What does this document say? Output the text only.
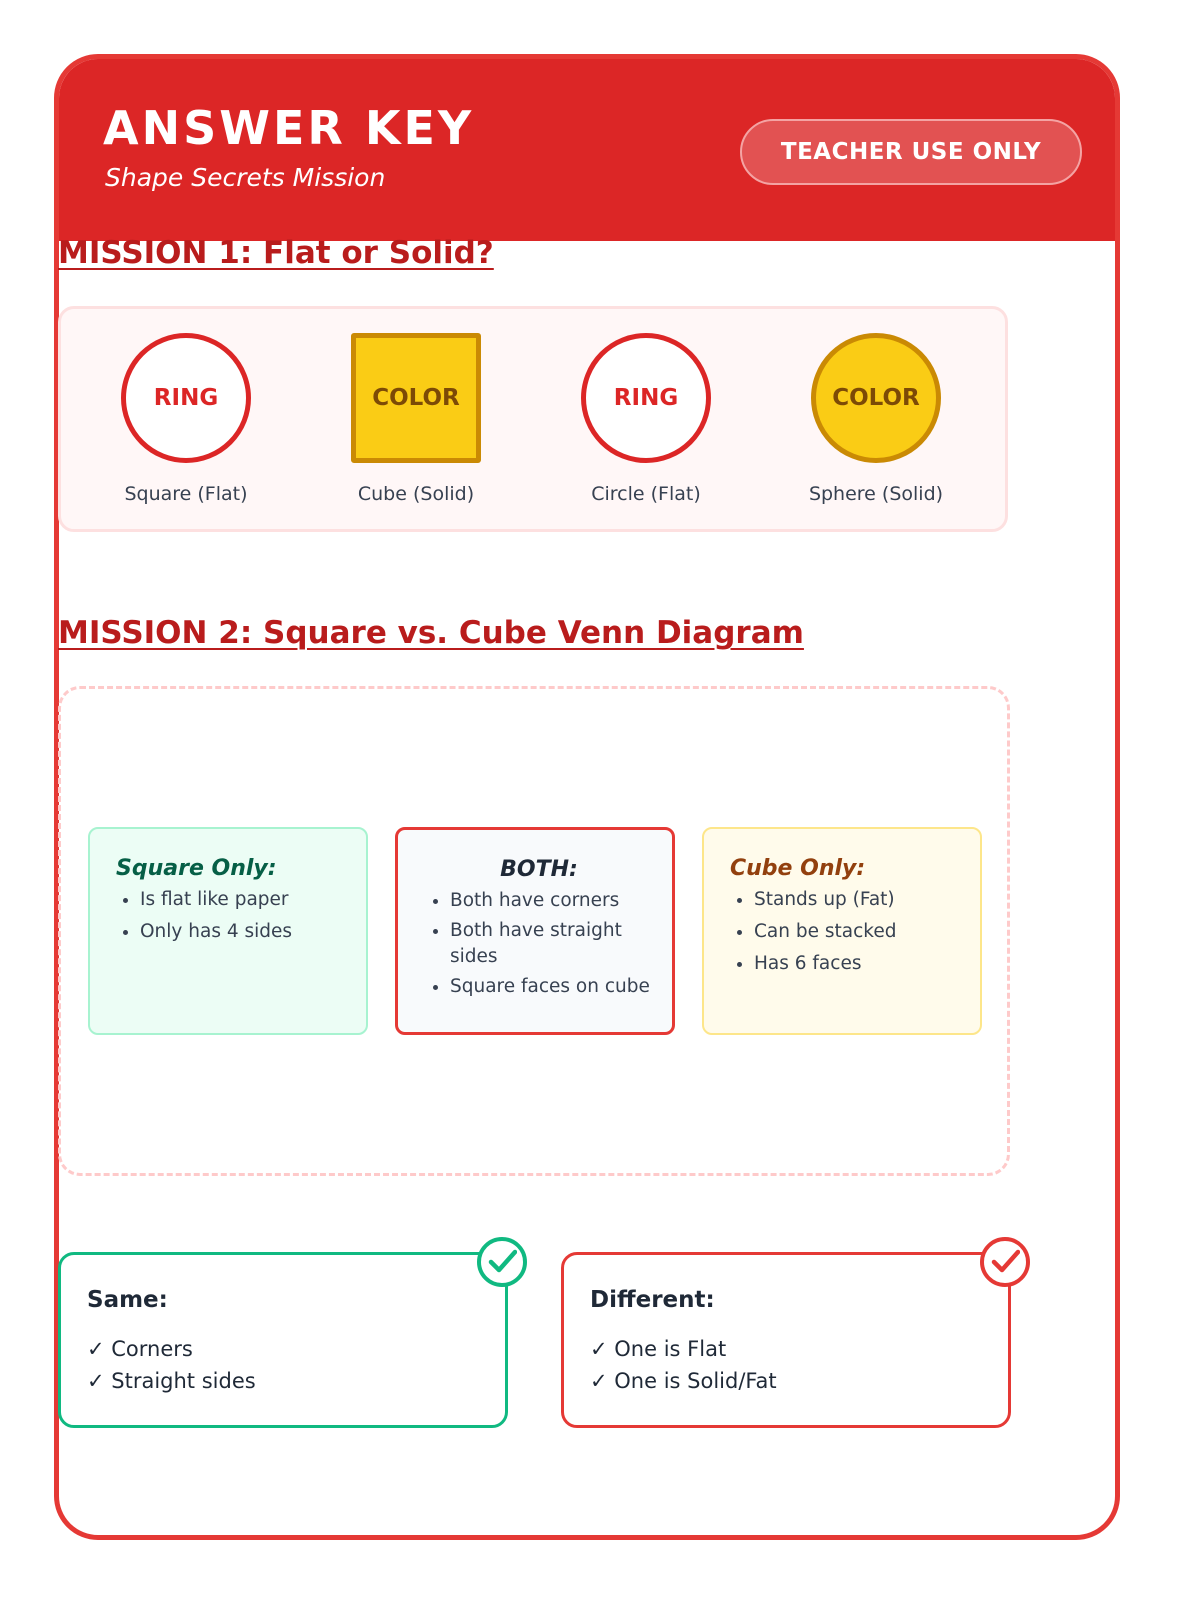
ANSWER KEY
Shape Secrets Mission
TEACHER USE ONLY
MISSION 1: Flat or Solid?
RING
Square (Flat)
COLOR
Cube (Solid)
RING
Circle (Flat)
COLOR
Sphere (Solid)
MISSION 2: Square vs. Cube Venn Diagram
Square Only:
• Is flat like paper
• Only has 4 sides
BOTH:
• Both have corners
• Both have straight sides
• Square faces on cube
Cube Only:
• Stands up (Fat)
• Can be stacked
• Has 6 faces
Same:
✓ Corners
✓ Straight sides
Different:
✓ One is Flat
✓ One is Solid/Fat
